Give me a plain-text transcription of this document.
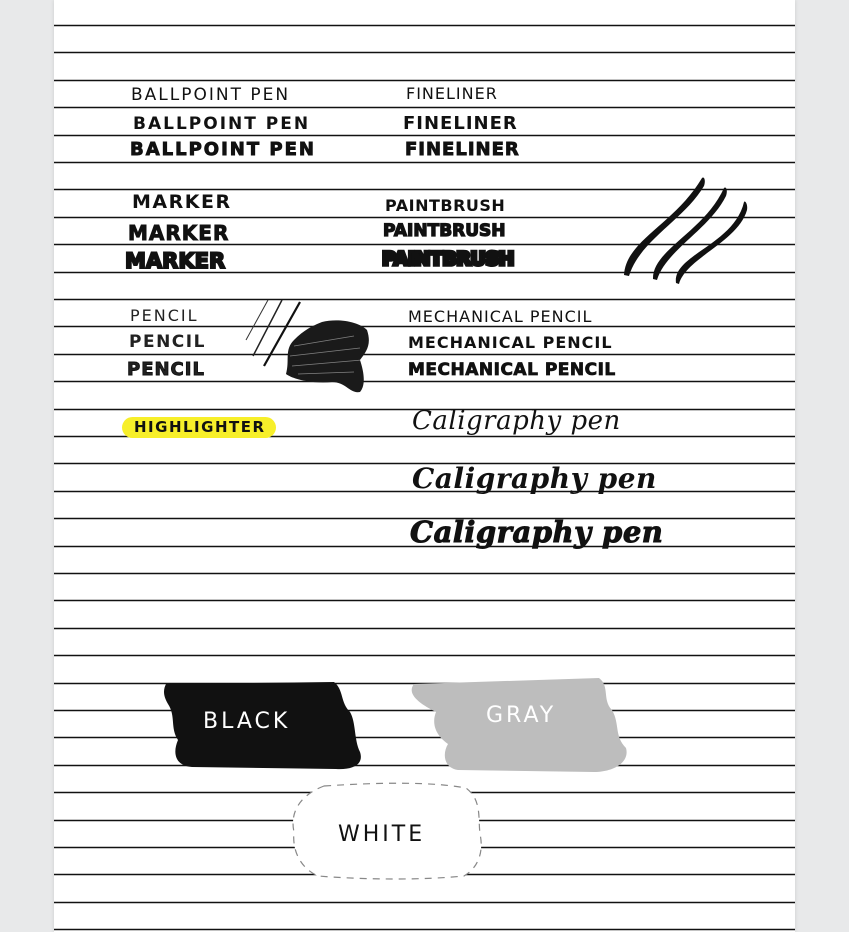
BALLPOINT PEN
BALLPOINT PEN
BALLPOINT PEN
FINELINER
FINELINER
FINELINER
MARKER
MARKER
MARKER
PAINTBRUSH
PAINTBRUSH
PAINTBRUSH
PENCIL
PENCIL
PENCIL
MECHANICAL PENCIL
MECHANICAL PENCIL
MECHANICAL PENCIL
HIGHLIGHTER	Caligraphy pen
Caligraphy pen
Caligraphy pen
BLACK	GRAY
WHITE
